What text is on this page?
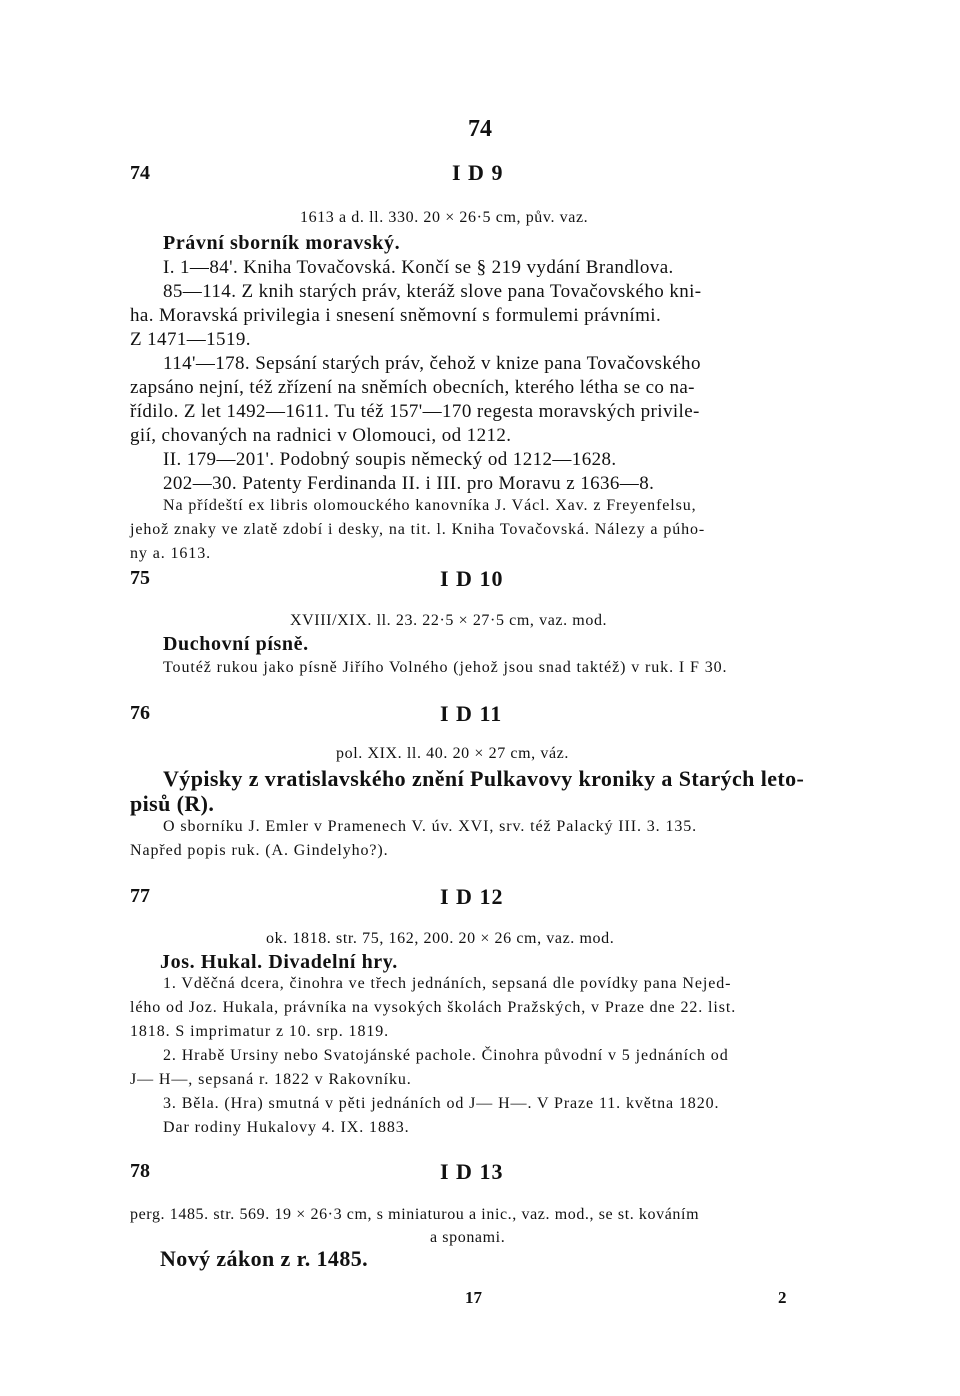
74
74	I D 9
1613 a d. ll. 330. 20 × 26·5 cm, pův. vaz.
Právní sborník moravský.
I. 1—84'. Kniha Tovačovská. Končí se § 219 vydání Brandlova.
85—114. Z knih starých práv, kteráž slove pana Tovačovského kni-
ha. Moravská privilegia i snesení sněmovní s formulemi právními.
Z 1471—1519.
114'—178. Sepsání starých práv, čehož v knize pana Tovačovského
zapsáno nejní, též zřízení na sněmích obecních, kterého létha se co na-
řídilo. Z let 1492—1611. Tu též 157'—170 regesta moravských privile-
gií, chovaných na radnici v Olomouci, od 1212.
II. 179—201'. Podobný soupis německý od 1212—1628.
202—30. Patenty Ferdinanda II. i III. pro Moravu z 1636—8.
Na přídeští ex libris olomouckého kanovníka J. Václ. Xav. z Freyenfelsu,
jehož znaky ve zlatě zdobí i desky, na tit. l. Kniha Tovačovská. Nálezy a púho-
ny a. 1613.
75	I D 10
XVIII/XIX. ll. 23. 22·5 × 27·5 cm, vaz. mod.
Duchovní písně.
Toutéž rukou jako písně Jiřího Volného (jehož jsou snad taktéž) v ruk. I F 30.
76	I D 11
pol. XIX. ll. 40. 20 × 27 cm, váz.
Výpisky z vratislavského znění Pulkavovy kroniky a Starých leto-
pisů (R).
O sborníku J. Emler v Pramenech V. úv. XVI, srv. též Palacký III. 3. 135.
Napřed popis ruk. (A. Gindelyho?).
77	I D 12
ok. 1818. str. 75, 162, 200. 20 × 26 cm, vaz. mod.
Jos. Hukal. Divadelní hry.
1. Vděčná dcera, činohra ve třech jednáních, sepsaná dle povídky pana Nejed-
lého od Joz. Hukala, právníka na vysokých školách Pražských, v Praze dne 22. list.
1818. S imprimatur z 10. srp. 1819.
2. Hrabě Ursiny nebo Svatojánské pachole. Činohra původní v 5 jednáních od
J— H—, sepsaná r. 1822 v Rakovníku.
3. Běla. (Hra) smutná v pěti jednáních od J— H—. V Praze 11. května 1820.
Dar rodiny Hukalovy 4. IX. 1883.
78	I D 13
perg. 1485. str. 569. 19 × 26·3 cm, s miniaturou a inic., vaz. mod., se st. kováním
a sponami.
Nový zákon z r. 1485.
17	2
